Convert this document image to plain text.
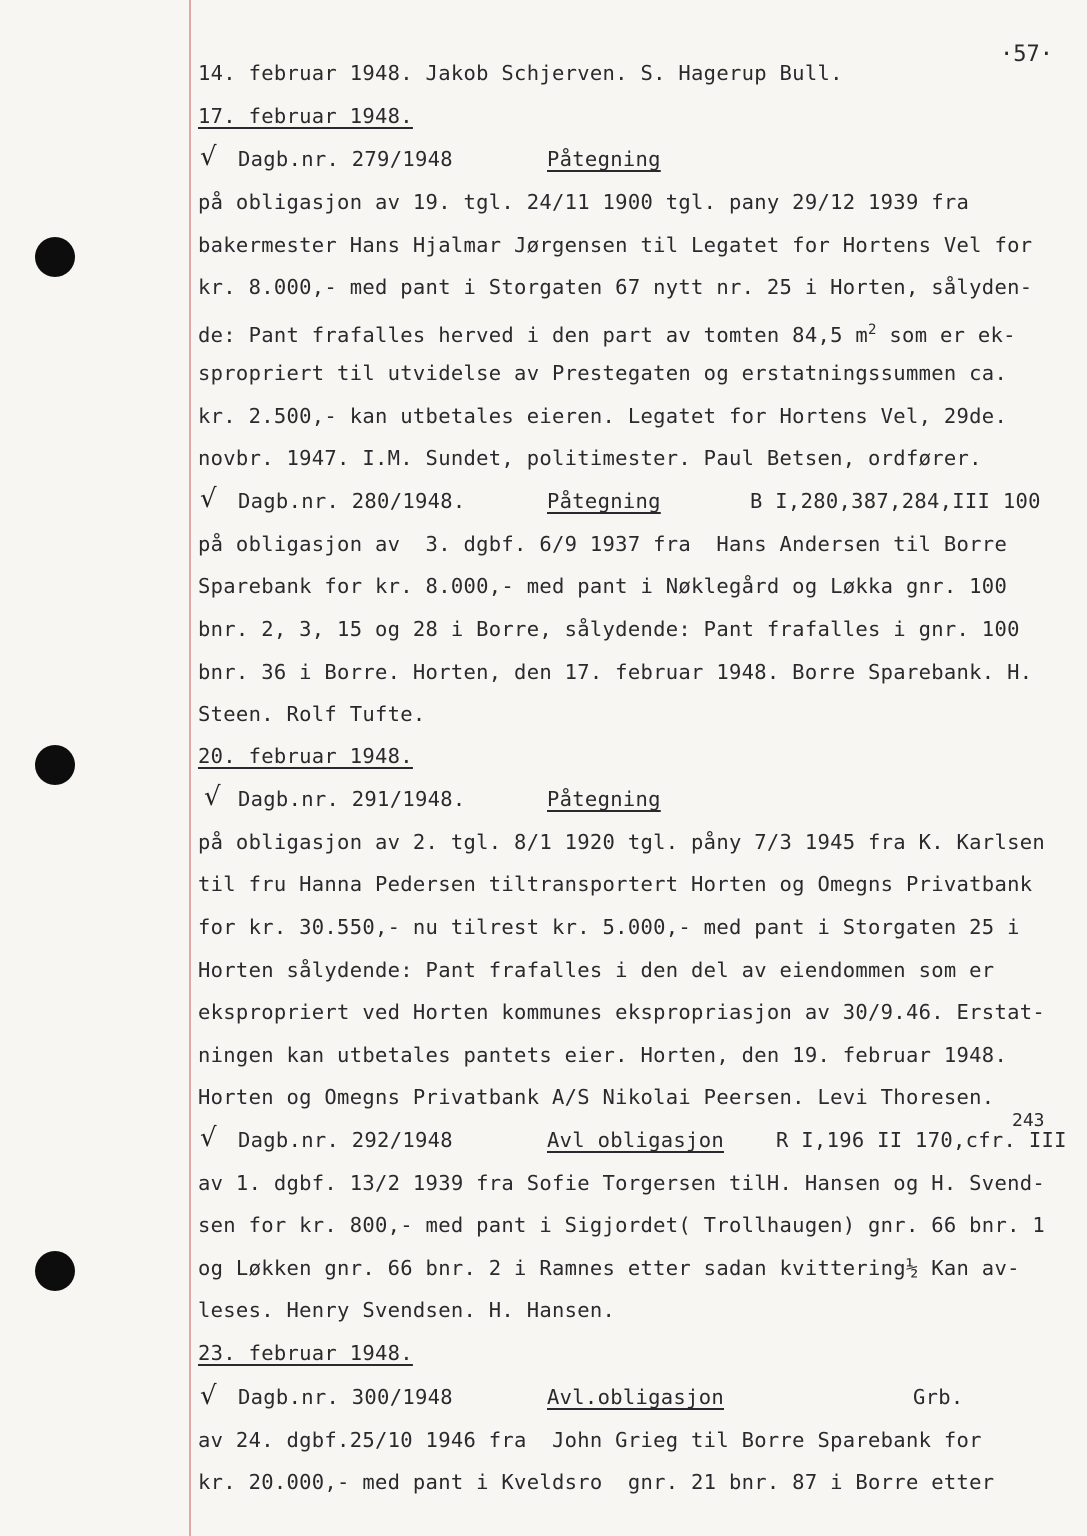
·57·
14. februar 1948. Jakob Schjerven. S. Hagerup Bull.
17. februar 1948.
√ Dagb.nr. 279/1948	Påtegning
på obligasjon av 19. tgl. 24/11 1900 tgl. pany 29/12 1939 fra
bakermester Hans Hjalmar Jørgensen til Legatet for Hortens Vel for
kr. 8.000,- med pant i Storgaten 67 nytt nr. 25 i Horten, sålyden-
de: Pant frafalles herved i den part av tomten 84,5 $m^2$ som er ek-
spropriert til utvidelse av Prestegaten og erstatningssummen ca.
kr. 2.500,- kan utbetales eieren. Legatet for Hortens Vel, 29de.
novbr. 1947. I.M. Sundet, politimester. Paul Betsen, ordfører.
√ Dagb.nr. 280/1948.	Påtegning	B I,280,387,284,III 100
på obligasjon av  3. dgbf. 6/9 1937 fra  Hans Andersen til Borre
Sparebank for kr. 8.000,- med pant i Nøklegård og Løkka gnr. 100
bnr. 2, 3, 15 og 28 i Borre, sålydende: Pant frafalles i gnr. 100
bnr. 36 i Borre. Horten, den 17. februar 1948. Borre Sparebank. H.
Steen. Rolf Tufte.
20. februar 1948.
√ Dagb.nr. 291/1948.	Påtegning
på obligasjon av 2. tgl. 8/1 1920 tgl. påny 7/3 1945 fra K. Karlsen
til fru Hanna Pedersen tiltransportert Horten og Omegns Privatbank
for kr. 30.550,- nu tilrest kr. 5.000,- med pant i Storgaten 25 i
Horten sålydende: Pant frafalles i den del av eiendommen som er
ekspropriert ved Horten kommunes ekspropriasjon av 30/9.46. Erstat-
ningen kan utbetales pantets eier. Horten, den 19. februar 1948.
Horten og Omegns Privatbank A/S Nikolai Peersen. Levi Thoresen.
243
√ Dagb.nr. 292/1948	Avl obligasjon	R I,196 II 170,cfr. III
av 1. dgbf. 13/2 1939 fra Sofie Torgersen tilH. Hansen og H. Svend-
sen for kr. 800,- med pant i Sigjordet( Trollhaugen) gnr. 66 bnr. 1
og Løkken gnr. 66 bnr. 2 i Ramnes etter sadan kvittering½ Kan av-
leses. Henry Svendsen. H. Hansen.
23. februar 1948.
√ Dagb.nr. 300/1948	Avl.obligasjon	Grb.
av 24. dgbf.25/10 1946 fra  John Grieg til Borre Sparebank for
kr. 20.000,- med pant i Kveldsro  gnr. 21 bnr. 87 i Borre etter
